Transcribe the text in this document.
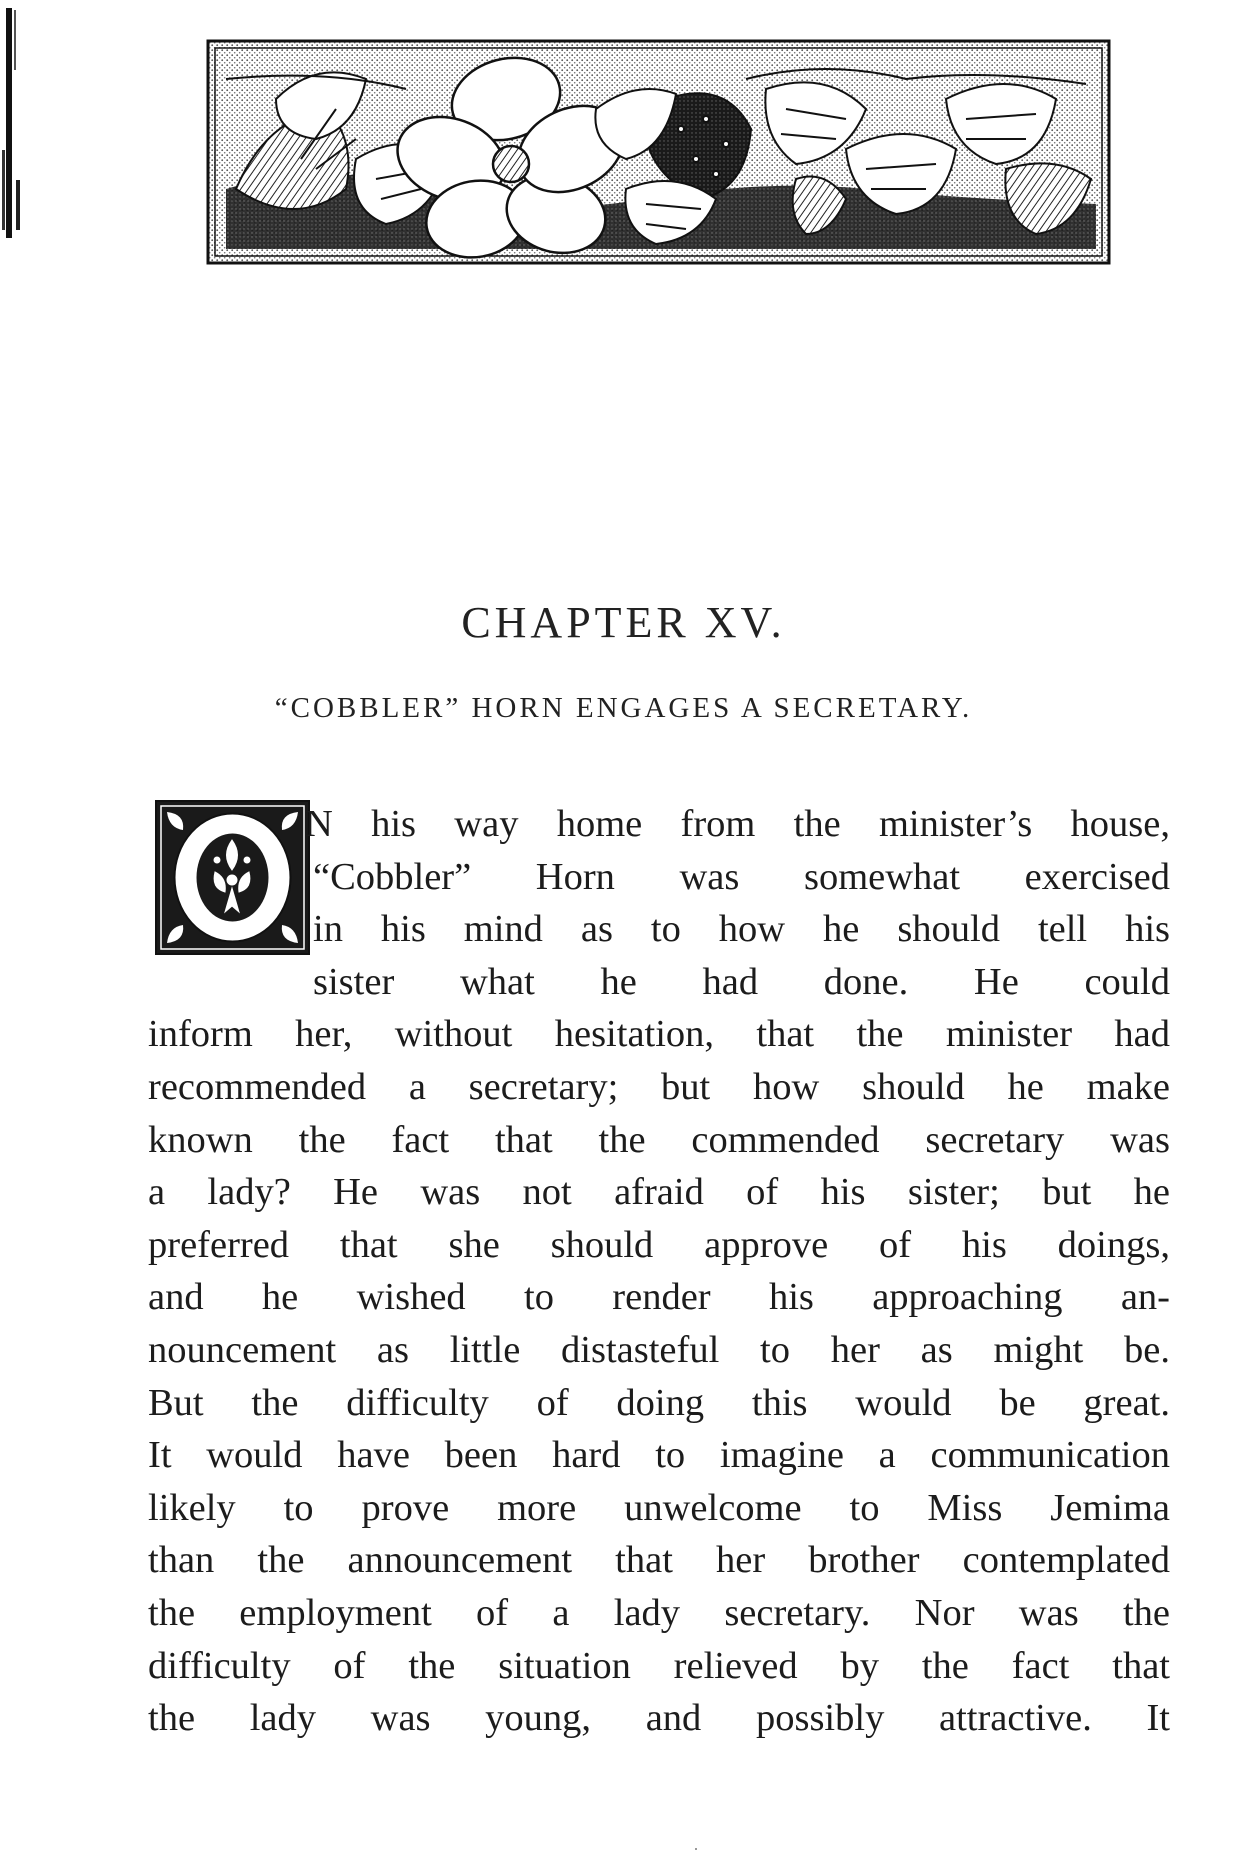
CHAPTER XV.
“COBBLER” HORN ENGAGES A SECRETARY.
N his way home from the minister’s house,
“Cobbler” Horn was somewhat exercised
in his mind as to how he should tell his
sister what he had done. He could
inform her, without hesitation, that the minister had
recommended a secretary; but how should he make
known the fact that the commended secretary was
a lady? He was not afraid of his sister; but he
preferred that she should approve of his doings,
and he wished to render his approaching an-
nouncement as little distasteful to her as might be.
But the difficulty of doing this would be great.
It would have been hard to imagine a communication
likely to prove more unwelcome to Miss Jemima
than the announcement that her brother contemplated
the employment of a lady secretary. Nor was the
difficulty of the situation relieved by the fact that
the lady was young, and possibly attractive. It
